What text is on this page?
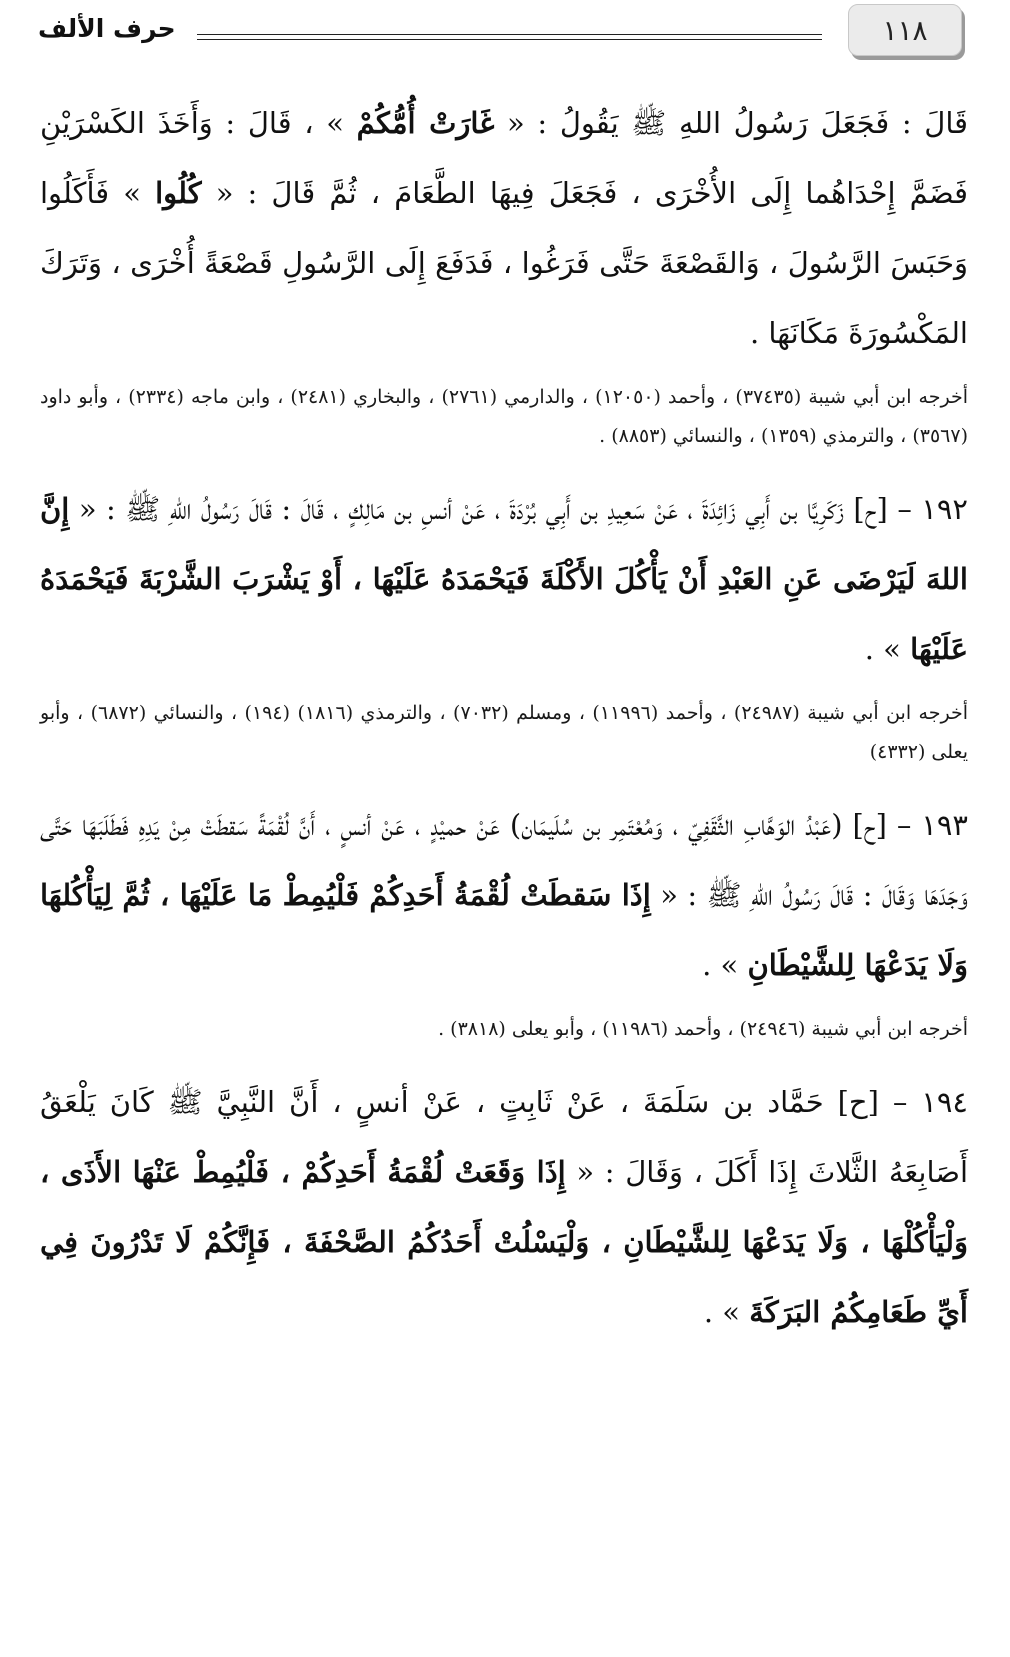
١١٨
حرف الألف

قَالَ : فَجَعَلَ رَسُولُ اللهِ ﷺ يَقُولُ : « غَارَتْ أُمُّكُمْ » ، قَالَ : وَأَخَذَ الكَسْرَيْنِ فَضَمَّ إِحْدَاهُما إِلَى الأُخْرَى ، فَجَعَلَ فِيهَا الطَّعَامَ ، ثُمَّ قَالَ : « كُلُوا » فَأَكَلُوا وَحَبَسَ الرَّسُولَ ، وَالقَصْعَةَ حَتَّى فَرَغُوا ، فَدَفَعَ إِلَى الرَّسُولِ قَصْعَةً أُخْرَى ، وَتَرَكَ المَكْسُورَةَ مَكَانَهَا .

أخرجه ابن أبي شيبة (٣٧٤٣٥) ، وأحمد (١٢٠٥٠) ، والدارمي (٢٧٦١) ، والبخاري (٢٤٨١) ، وابن ماجه (٢٣٣٤) ، وأبو داود (٣٥٦٧) ، والترمذي (١٣٥٩) ، والنسائي (٨٨٥٣) .

١٩٢ – [ح] زَكَرِيَّا بن أَبِي زَائِدَةَ ، عَنْ سَعِيدِ بن أَبِي بُرْدَةَ ، عَنْ أنسِ بن مَالِكٍ ، قَالَ : قَالَ رَسُولُ اللهِ ﷺ : « إِنَّ اللهَ لَيَرْضَى عَنِ العَبْدِ أَنْ يَأْكُلَ الأَكْلَةَ فَيَحْمَدَهُ عَلَيْهَا ، أَوْ يَشْرَبَ الشَّرْبَةَ فَيَحْمَدَهُ عَلَيْهَا » .

أخرجه ابن أبي شيبة (٢٤٩٨٧) ، وأحمد (١١٩٩٦) ، ومسلم (٧٠٣٢) ، والترمذي (١٨١٦) (١٩٤) ، والنسائي (٦٨٧٢) ، وأبو يعلى (٤٣٣٢)

١٩٣ – [ح] (عَبْدُ الوَهَّابِ الثَّقَفِيّ ، وَمُعْتَمِر بن سُلَيمَان) عَنْ حميْدٍ ، عَنْ أنسٍ ، أَنَّ لُقْمَةً سَقطَتْ مِنْ يَدِهِ فَطَلَبَهَا حَتَّى وَجَدَهَا وَقَالَ : قَالَ رَسُولُ اللهِ ﷺ : « إِذَا سَقطَتْ لُقْمَةُ أَحَدِكُمْ فَلْيُمِطْ مَا عَلَيْهَا ، ثُمَّ لِيَأْكُلهَا وَلَا يَدَعْهَا لِلشَّيْطَانِ » .

أخرجه ابن أبي شيبة (٢٤٩٤٦) ، وأحمد (١١٩٨٦) ، وأبو يعلى (٣٨١٨) .

١٩٤ – [ح] حَمَّاد بن سَلَمَةَ ، عَنْ ثَابِتٍ ، عَنْ أنسٍ ، أَنَّ النَّبِيَّ ﷺ كَانَ يَلْعَقُ أَصَابِعَهُ الثَّلاثَ إِذَا أَكَلَ ، وَقَالَ : « إِذَا وَقَعَتْ لُقْمَةُ أَحَدِكُمْ ، فَلْيُمِطْ عَنْهَا الأَذَى ، وَلْيَأْكُلْهَا ، وَلَا يَدَعْهَا لِلشَّيْطَانِ ، وَلْيَسْلُتْ أَحَدُكُمُ الصَّحْفَةَ ، فَإِنَّكُمْ لَا تَدْرُونَ فِي أَيِّ طَعَامِكُمُ البَرَكَةَ » .
